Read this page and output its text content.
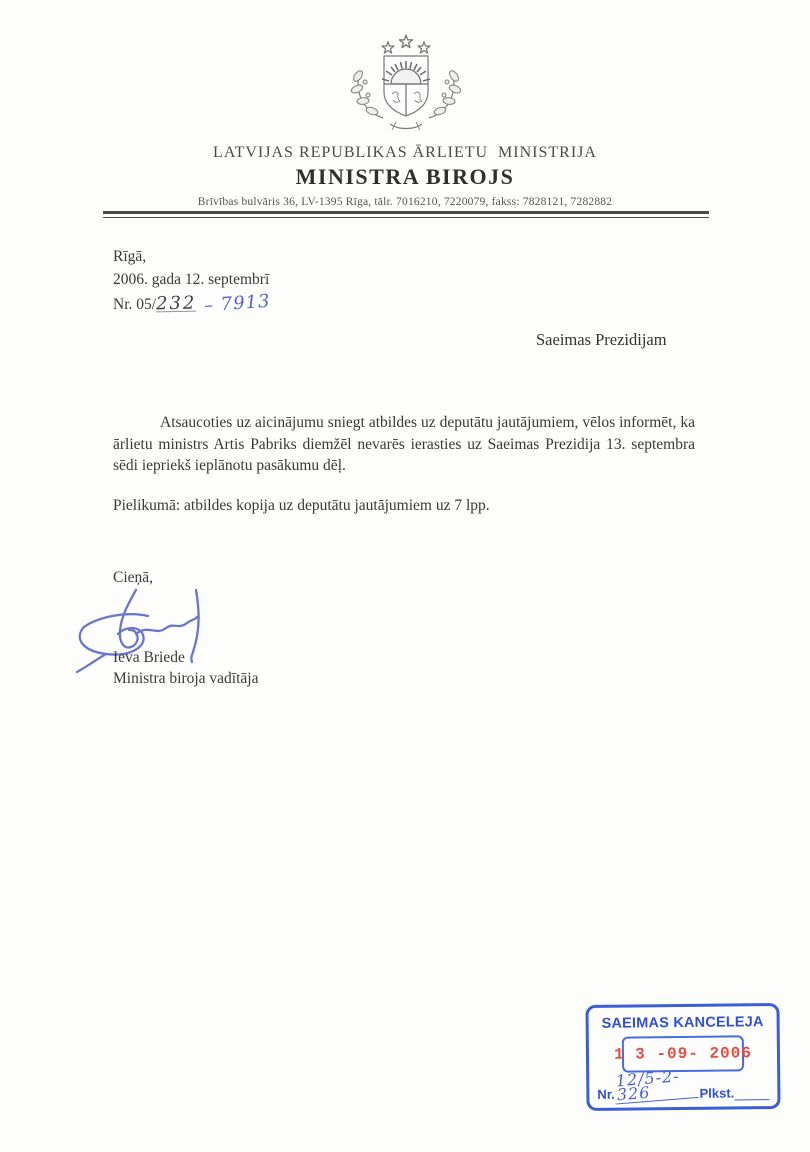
LATVIJAS REPUBLIKAS ĀRLIETU  MINISTRIJA
MINISTRA BIROJS
Brīvības bulvāris 36, LV-1395 Rīga, tālr. 7016210, 7220079, fakss: 7828121, 7282882
Rīgā,
2006. gada 12. septembrī
Nr. 05/232 – 7913
Saeimas Prezidijam
Atsaucoties uz aicinājumu sniegt atbildes uz deputātu jautājumiem, vēlos informēt, ka ārlietu ministrs Artis Pabriks diemžēl nevarēs ierasties uz Saeimas Prezidija 13. septembra sēdi iepriekš ieplānotu pasākumu dēļ.
Pielikumā: atbildes kopija uz deputātu jautājumiem uz 7 lpp.
Cieņā,
Ieva Briede
Ministra biroja vadītāja
SAEIMAS KANCELEJA
1 3 -09- 2006
Nr.
12/5-2-326	Plkst.
